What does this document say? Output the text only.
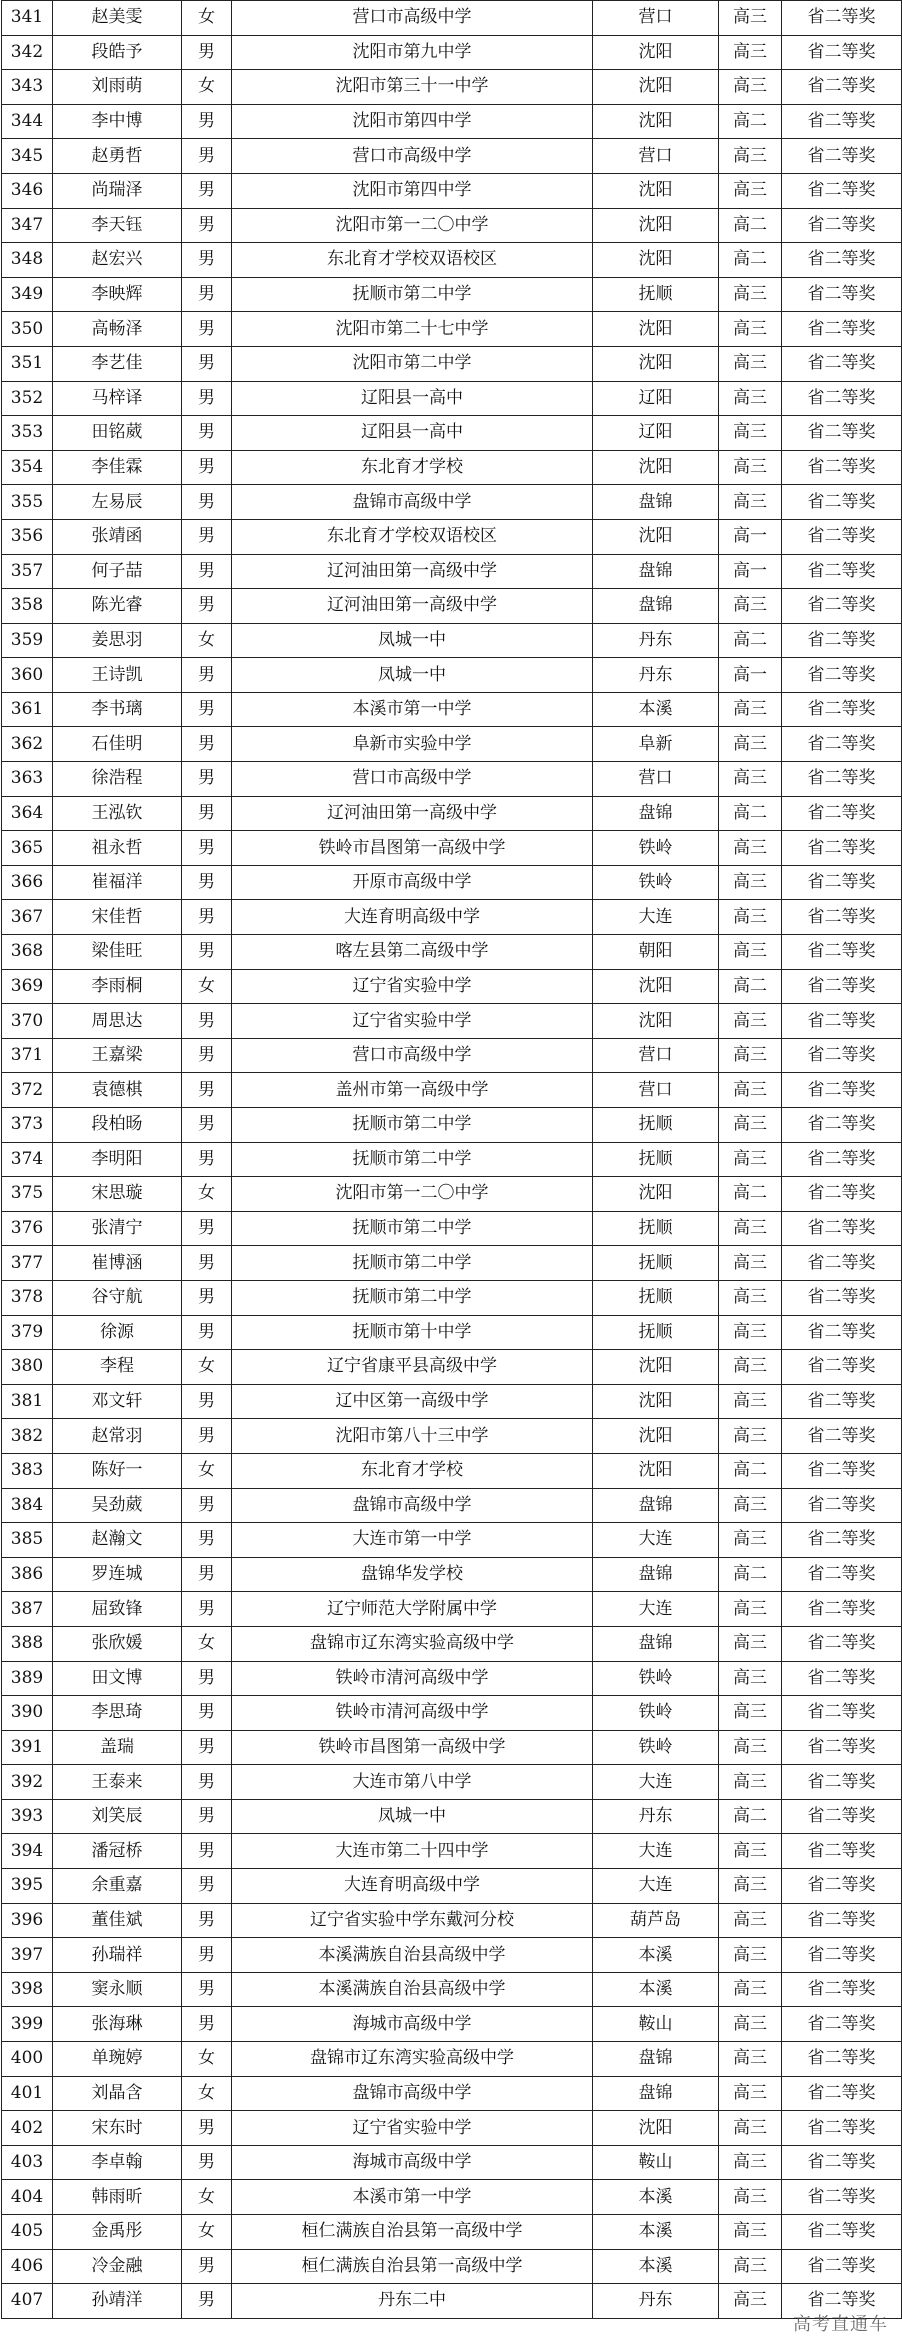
341	赵美雯	女	营口市高级中学	营口	高三	省二等奖
342	段皓予	男	沈阳市第九中学	沈阳	高三	省二等奖
343	刘雨萌	女	沈阳市第三十一中学	沈阳	高三	省二等奖
344	李中博	男	沈阳市第四中学	沈阳	高二	省二等奖
345	赵勇哲	男	营口市高级中学	营口	高三	省二等奖
346	尚瑞泽	男	沈阳市第四中学	沈阳	高三	省二等奖
347	李天钰	男	沈阳市第一二〇中学	沈阳	高二	省二等奖
348	赵宏兴	男	东北育才学校双语校区	沈阳	高二	省二等奖
349	李映辉	男	抚顺市第二中学	抚顺	高三	省二等奖
350	高畅泽	男	沈阳市第二十七中学	沈阳	高三	省二等奖
351	李艺佳	男	沈阳市第二中学	沈阳	高三	省二等奖
352	马梓译	男	辽阳县一高中	辽阳	高三	省二等奖
353	田铭葳	男	辽阳县一高中	辽阳	高三	省二等奖
354	李佳霖	男	东北育才学校	沈阳	高三	省二等奖
355	左易辰	男	盘锦市高级中学	盘锦	高三	省二等奖
356	张靖函	男	东北育才学校双语校区	沈阳	高一	省二等奖
357	何子喆	男	辽河油田第一高级中学	盘锦	高一	省二等奖
358	陈光睿	男	辽河油田第一高级中学	盘锦	高三	省二等奖
359	姜思羽	女	凤城一中	丹东	高二	省二等奖
360	王诗凯	男	凤城一中	丹东	高一	省二等奖
361	李书璃	男	本溪市第一中学	本溪	高三	省二等奖
362	石佳明	男	阜新市实验中学	阜新	高三	省二等奖
363	徐浩程	男	营口市高级中学	营口	高三	省二等奖
364	王泓钦	男	辽河油田第一高级中学	盘锦	高二	省二等奖
365	祖永哲	男	铁岭市昌图第一高级中学	铁岭	高三	省二等奖
366	崔福洋	男	开原市高级中学	铁岭	高三	省二等奖
367	宋佳哲	男	大连育明高级中学	大连	高三	省二等奖
368	梁佳旺	男	喀左县第二高级中学	朝阳	高三	省二等奖
369	李雨桐	女	辽宁省实验中学	沈阳	高二	省二等奖
370	周思达	男	辽宁省实验中学	沈阳	高三	省二等奖
371	王嘉梁	男	营口市高级中学	营口	高三	省二等奖
372	袁德棋	男	盖州市第一高级中学	营口	高三	省二等奖
373	段柏旸	男	抚顺市第二中学	抚顺	高三	省二等奖
374	李明阳	男	抚顺市第二中学	抚顺	高三	省二等奖
375	宋思璇	女	沈阳市第一二〇中学	沈阳	高二	省二等奖
376	张清宁	男	抚顺市第二中学	抚顺	高三	省二等奖
377	崔博涵	男	抚顺市第二中学	抚顺	高三	省二等奖
378	谷守航	男	抚顺市第二中学	抚顺	高三	省二等奖
379	徐源	男	抚顺市第十中学	抚顺	高三	省二等奖
380	李程	女	辽宁省康平县高级中学	沈阳	高三	省二等奖
381	邓文轩	男	辽中区第一高级中学	沈阳	高三	省二等奖
382	赵常羽	男	沈阳市第八十三中学	沈阳	高三	省二等奖
383	陈好一	女	东北育才学校	沈阳	高二	省二等奖
384	吴劲葳	男	盘锦市高级中学	盘锦	高三	省二等奖
385	赵瀚文	男	大连市第一中学	大连	高三	省二等奖
386	罗连城	男	盘锦华发学校	盘锦	高二	省二等奖
387	屈致锋	男	辽宁师范大学附属中学	大连	高三	省二等奖
388	张欣媛	女	盘锦市辽东湾实验高级中学	盘锦	高三	省二等奖
389	田文博	男	铁岭市清河高级中学	铁岭	高三	省二等奖
390	李思琦	男	铁岭市清河高级中学	铁岭	高三	省二等奖
391	盖瑞	男	铁岭市昌图第一高级中学	铁岭	高三	省二等奖
392	王泰来	男	大连市第八中学	大连	高三	省二等奖
393	刘笑辰	男	凤城一中	丹东	高二	省二等奖
394	潘冠桥	男	大连市第二十四中学	大连	高三	省二等奖
395	余重嘉	男	大连育明高级中学	大连	高三	省二等奖
396	董佳斌	男	辽宁省实验中学东戴河分校	葫芦岛	高三	省二等奖
397	孙瑞祥	男	本溪满族自治县高级中学	本溪	高三	省二等奖
398	窦永顺	男	本溪满族自治县高级中学	本溪	高三	省二等奖
399	张海琳	男	海城市高级中学	鞍山	高三	省二等奖
400	单琬婷	女	盘锦市辽东湾实验高级中学	盘锦	高三	省二等奖
401	刘晶含	女	盘锦市高级中学	盘锦	高三	省二等奖
402	宋东时	男	辽宁省实验中学	沈阳	高三	省二等奖
403	李卓翰	男	海城市高级中学	鞍山	高三	省二等奖
404	韩雨昕	女	本溪市第一中学	本溪	高三	省二等奖
405	金禹彤	女	桓仁满族自治县第一高级中学	本溪	高三	省二等奖
406	冷金融	男	桓仁满族自治县第一高级中学	本溪	高三	省二等奖
407	孙靖洋	男	丹东二中	丹东	高三	省二等奖
高考直通车
